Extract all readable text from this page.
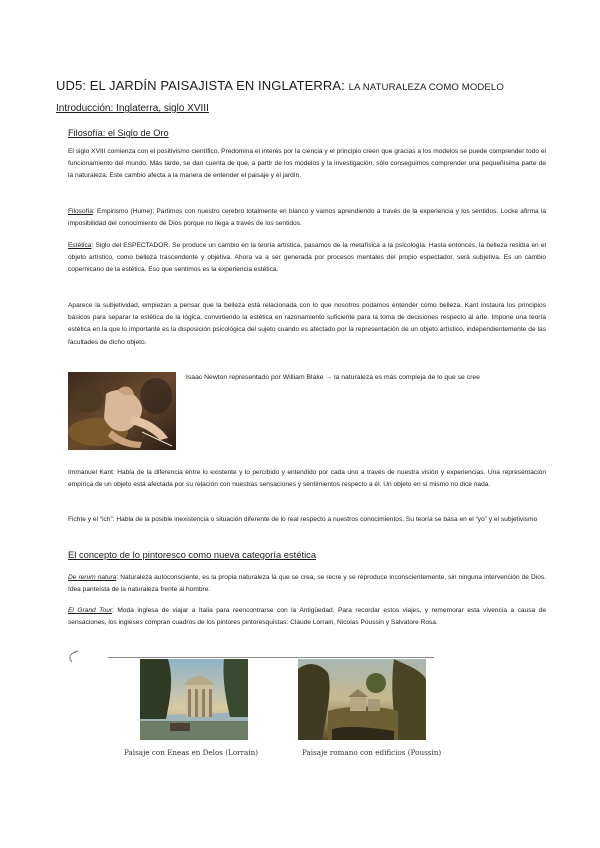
UD5: EL JARDÍN PAISAJISTA EN INGLATERRA: LA NATURALEZA COMO MODELO
Introducción: Inglaterra, siglo XVIII
Filosofía: el Siglo de Oro

El siglo XVIII comienza con el positivismo científico. Predomina el interés por la ciencia y el principio creen que gracias a los modelos se puede comprender todo el funcionamiento del mundo. Más tarde, se dan cuenta de que, a partir de los modelos y la investigación, sólo conseguimos comprender una pequeñísima parte de la naturaleza. Este cambio afecta a la manera de entender el paisaje y el jardín.

Filosofía: Empirismo (Hume): Partimos con nuestro cerebro totalmente en blanco y vamos aprendiendo a través de la experiencia y los sentidos. Locke afirma la imposibilidad del conocimiento de Dios porque no llega a través de los sentidos.

Estética: Siglo del ESPECTADOR. Se produce un cambio en la teoría artística, pasamos de la metafísica a la psicología. Hasta entonces, la belleza residía en el objeto artístico, como belleza trascendente y objetiva. Ahora va a ser generada por procesos mentales del propio espectador, será subjetiva. Es un cambio copernicano de la estética. Eso que sentimos es la experiencia estética.

Aparece la subjetividad, empiezan a pensar que la belleza está relacionada con lo que nosotros podamos entender como belleza. Kant instaura los principios básicos para separar la estética de la lógica, convirtiendo la estética en razonamiento suficiente para la toma de decisiones respecto al arte. Impone una teoría estética en la que lo importante es la disposición psicológica del sujeto cuando es afectado por la representación de un objeto artístico, independientemente de las facultades de dicho objeto.

Isaac Newton representado por William Blake → la naturaleza es más compleja de lo que se cree

Immanuel Kant: Habla de la diferencia entre lo existente y lo percibido y entendido por cada uno a través de nuestra visión y experiencias. Una representación empírica de un objeto está afectada por su relación con nuestras sensaciones y sentimientos respecto a él. Un objeto en sí mismo no dice nada.

Fichte y el “ich”: Habla de la posible inexistencia o situación diferente de lo real respecto a nuestros conocimientos. Su teoría se basa en el “yo” y el subjetivismo

El concepto de lo pintoresco como nueva categoría estética

De rerum natura: Naturaleza autoconsciente, es la propia naturaleza la que se crea, se recre y se reproduce inconscientemente, sin ninguna intervención de Dios. Idea panteísta de la naturaleza frente al hombre.

El Grand Tour: Moda inglesa de viajar a Italia para reencontrarse con la Antigüedad. Para recordar estos viajes, y rememorar esta vivencia a causa de sensaciones, los ingleses compran cuadros de los pintores pintoresquistas: Claude Lorrain, Nicolas Poussin y Salvatore Rosa.

Paisaje con Eneas en Delos (Lorrain)	Paisaje romano con edificios (Poussin)
